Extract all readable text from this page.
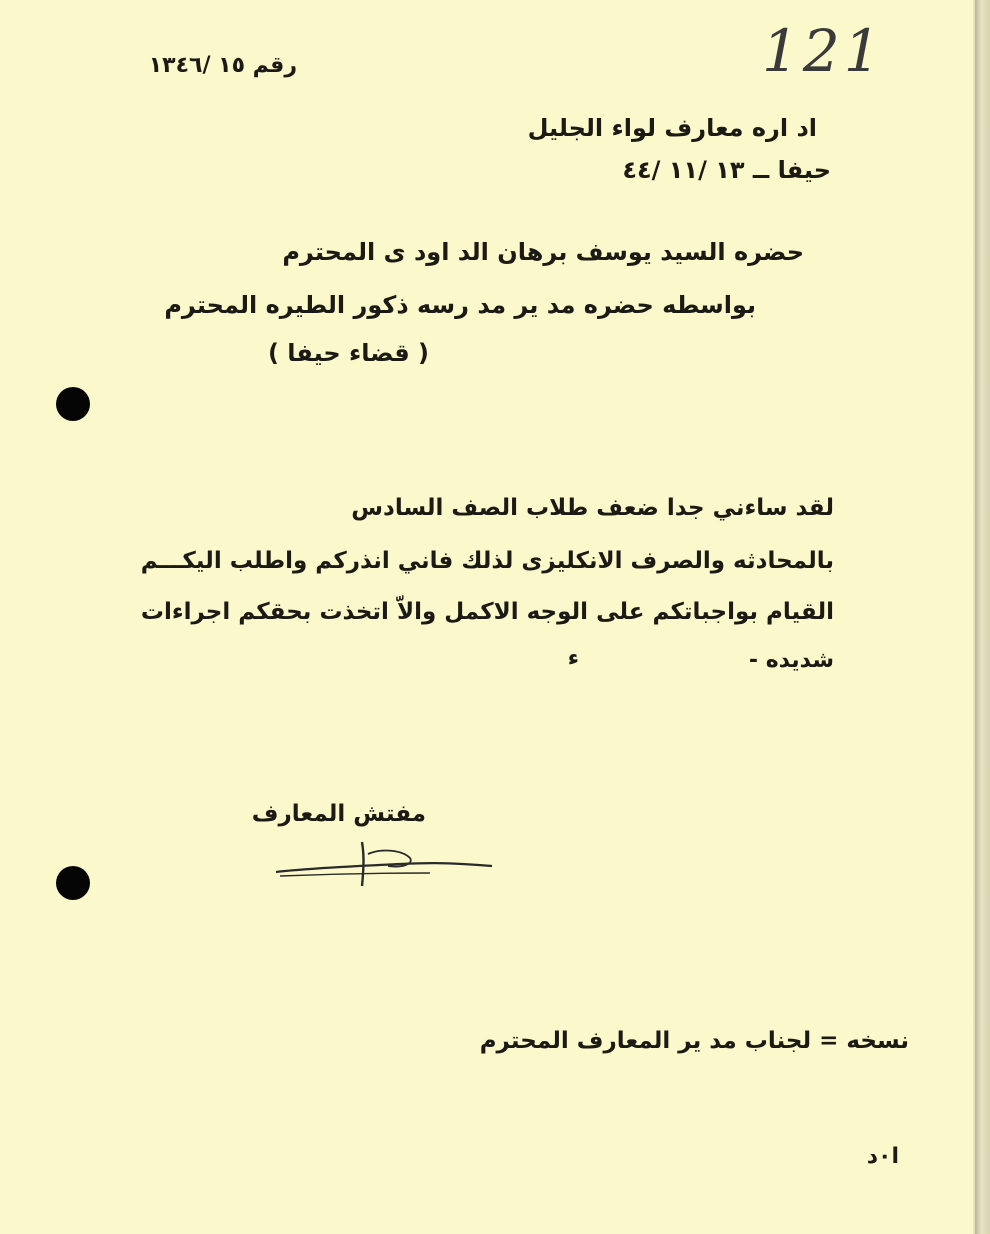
121
رقم ١٥ /١٣٤٦
اد اره معارف لواء الجليل
حيفا ــ ١٣ /١١ /٤٤
حضره السيد يوسف برهان الد اود ى المحترم
بواسطه حضره مد ير مد رسه ذكور الطيره المحترم
( قضاء حيفا )
لقد ساءني جدا ضعف طلاب الصف السادس
بالمحادثه والصرف الانكليزى لذلك فاني انذركم واطلب اليكـــم
القيام بواجباتكم على الوجه الاكمل والاّ اتخذت بحقكم اجراءات
شديده -
ء
مفتش المعارف
نسخه = لجناب مد ير المعارف المحترم
ا٠د
